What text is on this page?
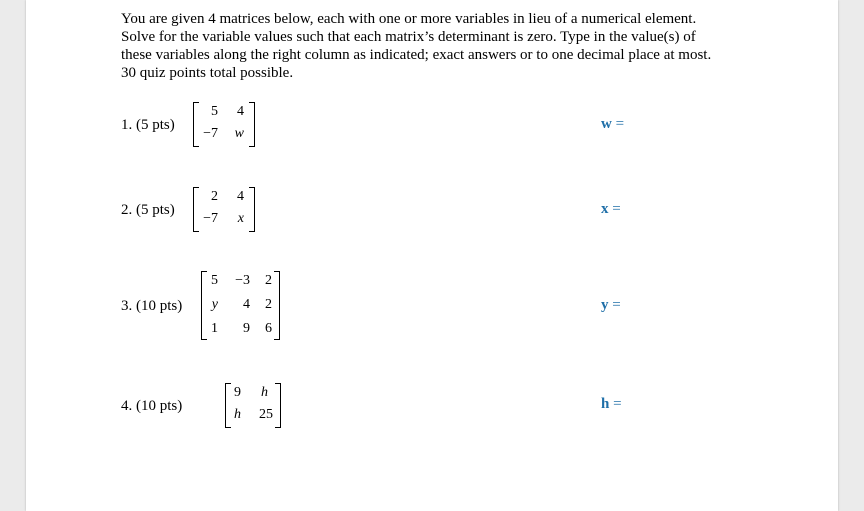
You are given 4 matrices below, each with one or more variables in lieu of a numerical element.
Solve for the variable values such that each matrix’s determinant is zero. Type in the value(s) of
these variables along the right column as indicated; exact answers or to one decimal place at most.
30 quiz points total possible.
1. (5 pts)
5	4
−7	w
2. (5 pts)
2	4
−7	x
3. (10 pts)
5	−3	2
y	4	2
1	9	6
4. (10 pts)
9	h
h	25
w =
x =
y =
h =
